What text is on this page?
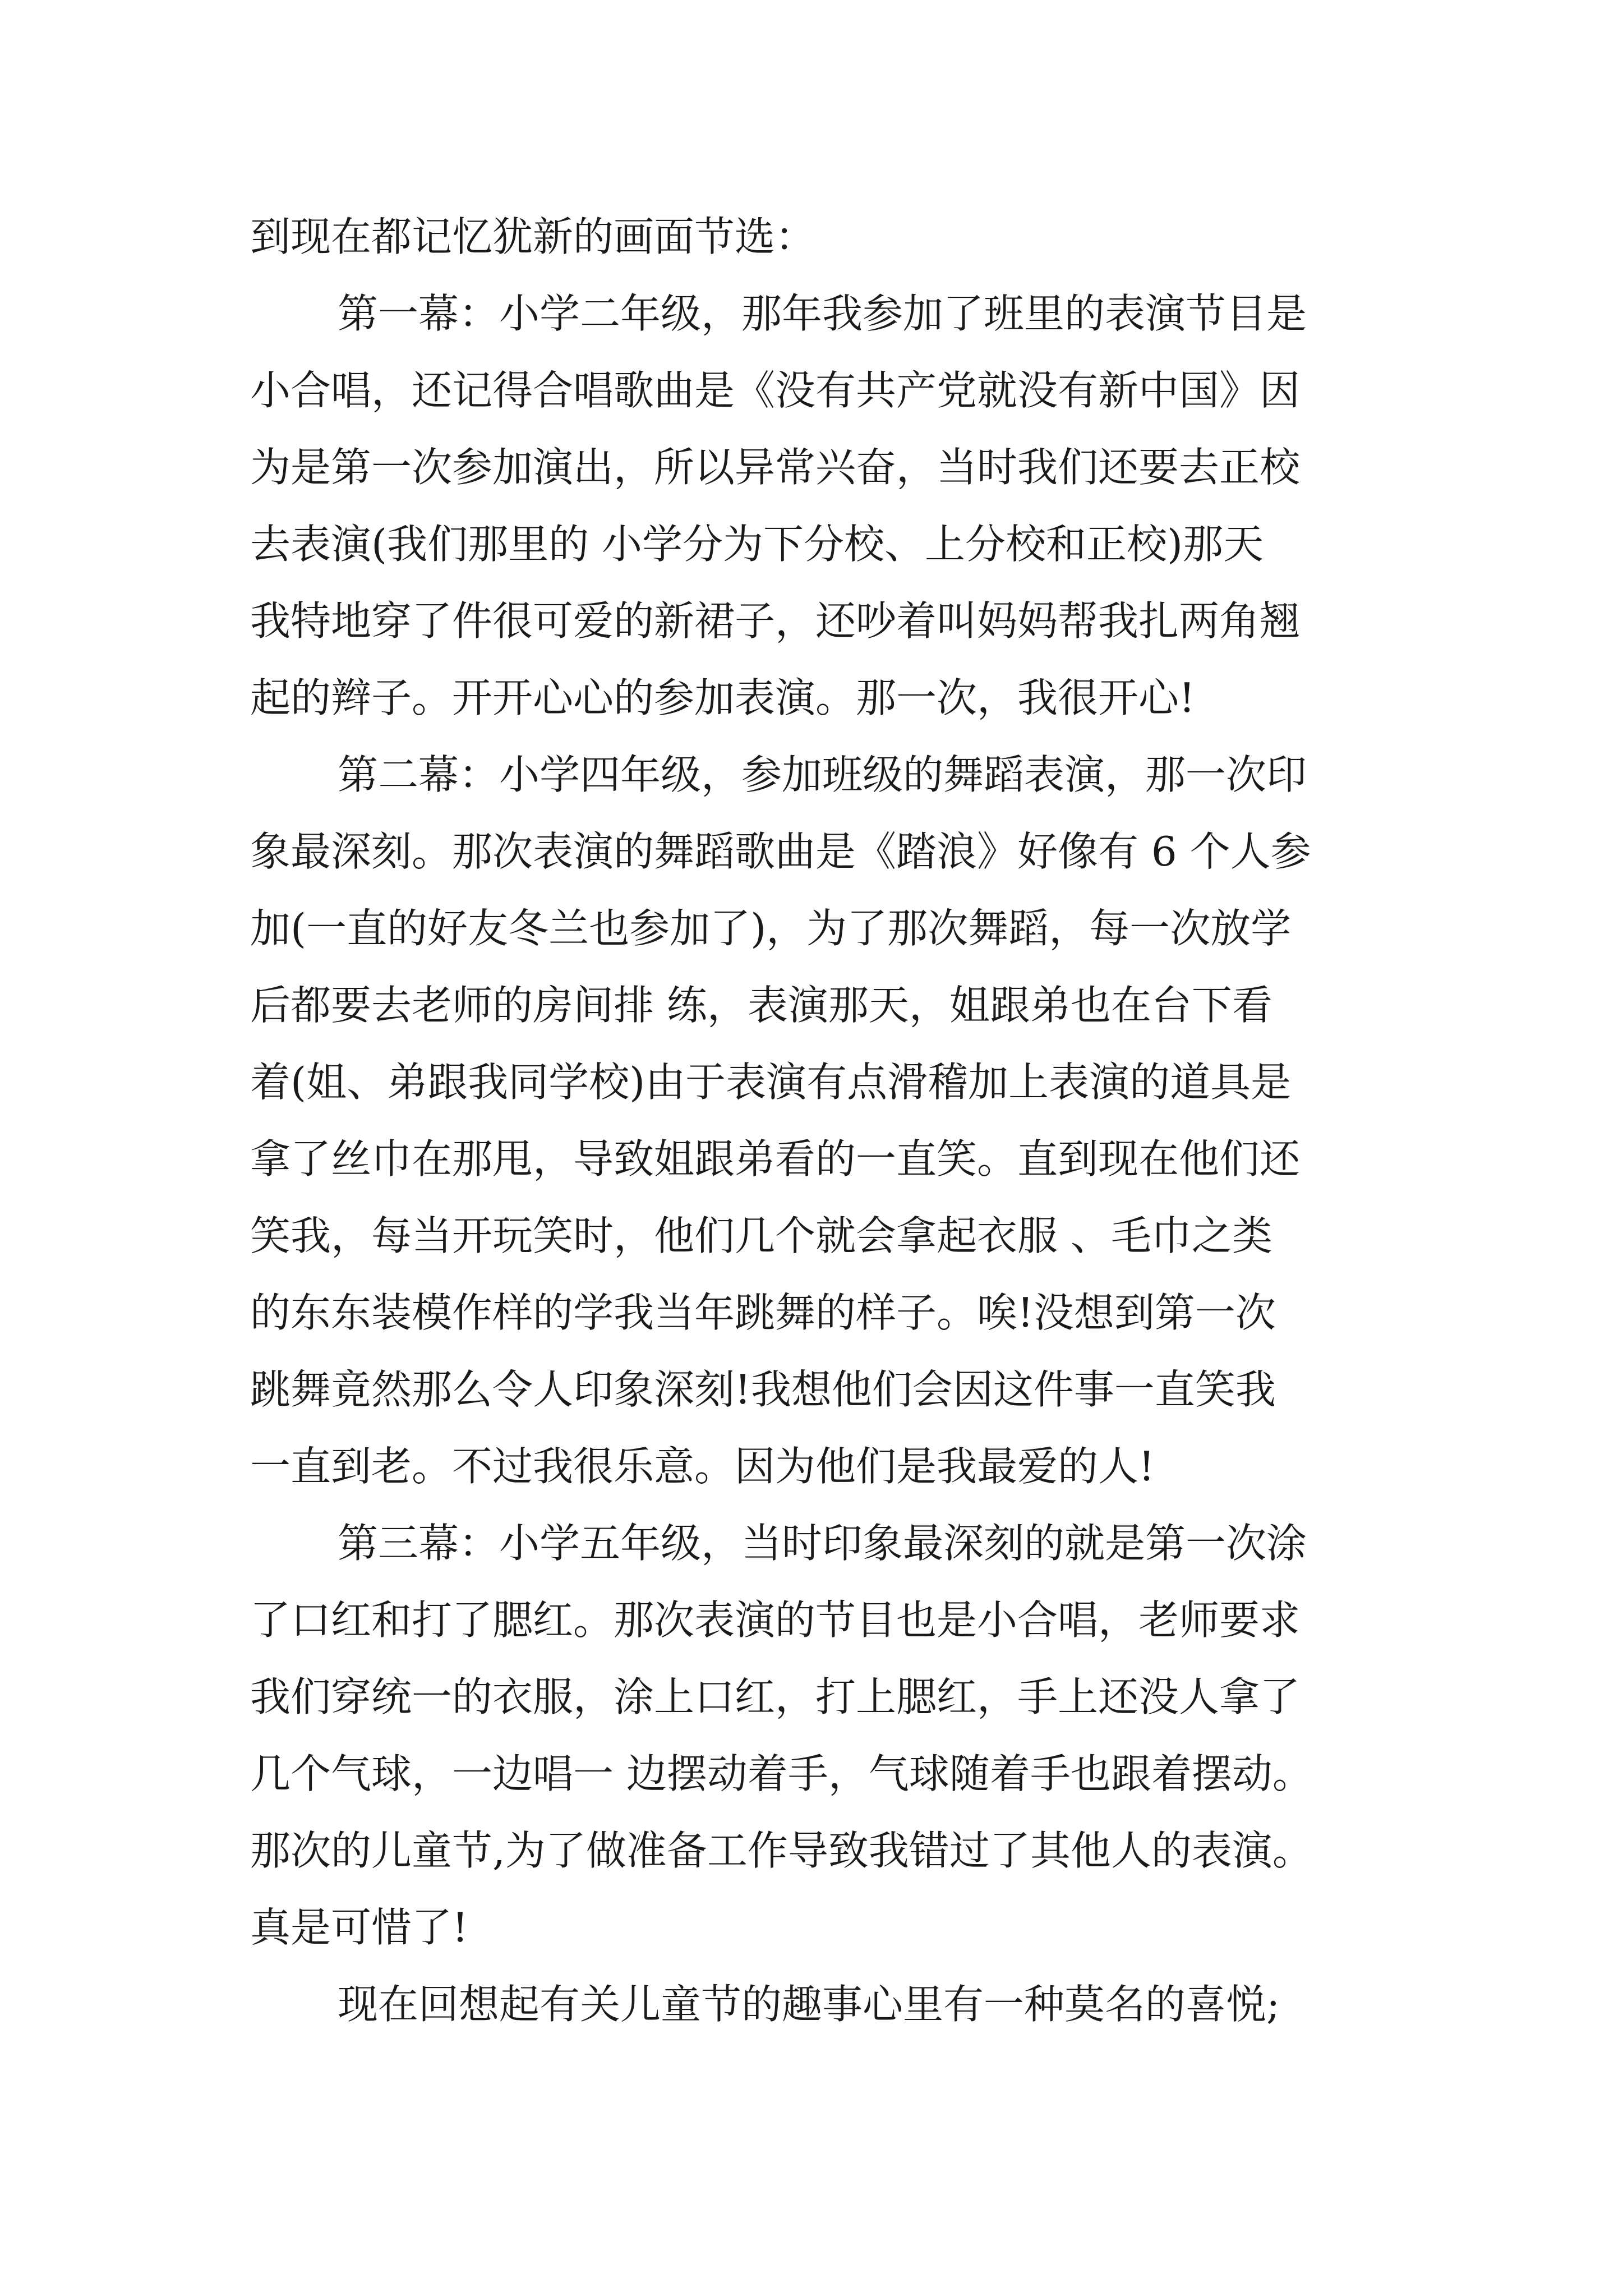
到现在都记忆犹新的画面节选：
第一幕：小学二年级，那年我参加了班里的表演节目是
小合唱，还记得合唱歌曲是《没有共产党就没有新中国》因
为是第一次参加演出，所以异常兴奋，当时我们还要去正校
去表演(我们那里的 小学分为下分校、上分校和正校)那天
我特地穿了件很可爱的新裙子，还吵着叫妈妈帮我扎两角翘
起的辫子。开开心心的参加表演。那一次，我很开心!
第二幕：小学四年级，参加班级的舞蹈表演，那一次印
象最深刻。那次表演的舞蹈歌曲是《踏浪》好像有 6 个人参
加(一直的好友冬兰也参加了)，为了那次舞蹈，每一次放学
后都要去老师的房间排 练，表演那天，姐跟弟也在台下看
着(姐、弟跟我同学校)由于表演有点滑稽加上表演的道具是
拿了丝巾在那甩，导致姐跟弟看的一直笑。直到现在他们还
笑我，每当开玩笑时，他们几个就会拿起衣服 、毛巾之类
的东东装模作样的学我当年跳舞的样子。唉!没想到第一次
跳舞竟然那么令人印象深刻!我想他们会因这件事一直笑我
一直到老。不过我很乐意。因为他们是我最爱的人!
第三幕：小学五年级，当时印象最深刻的就是第一次涂
了口红和打了腮红。那次表演的节目也是小合唱，老师要求
我们穿统一的衣服，涂上口红，打上腮红，手上还没人拿了
几个气球，一边唱一 边摆动着手，气球随着手也跟着摆动。
那次的儿童节,为了做准备工作导致我错过了其他人的表演。
真是可惜了!
现在回想起有关儿童节的趣事心里有一种莫名的喜悦;
